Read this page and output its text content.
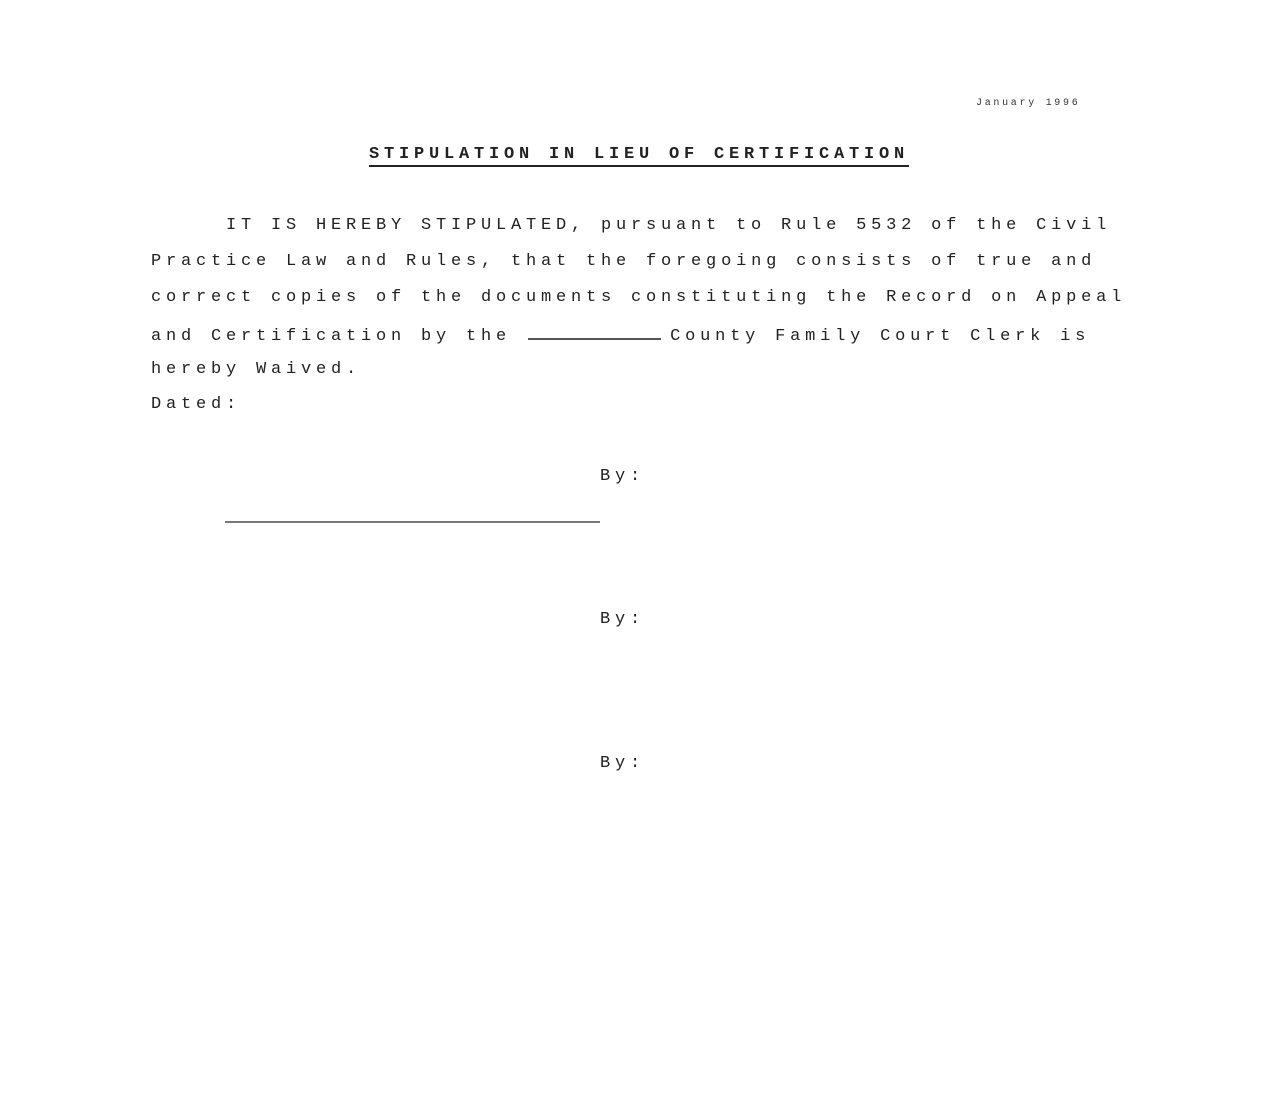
January 1996
STIPULATION IN LIEU OF CERTIFICATION
IT IS HEREBY STIPULATED, pursuant to Rule 5532 of the Civil
Practice Law and Rules, that the foregoing consists of true and
correct copies of the documents constituting the Record on Appeal
and Certification by the	County Family Court Clerk is
hereby Waived.
Dated:
By:
By:
By:
